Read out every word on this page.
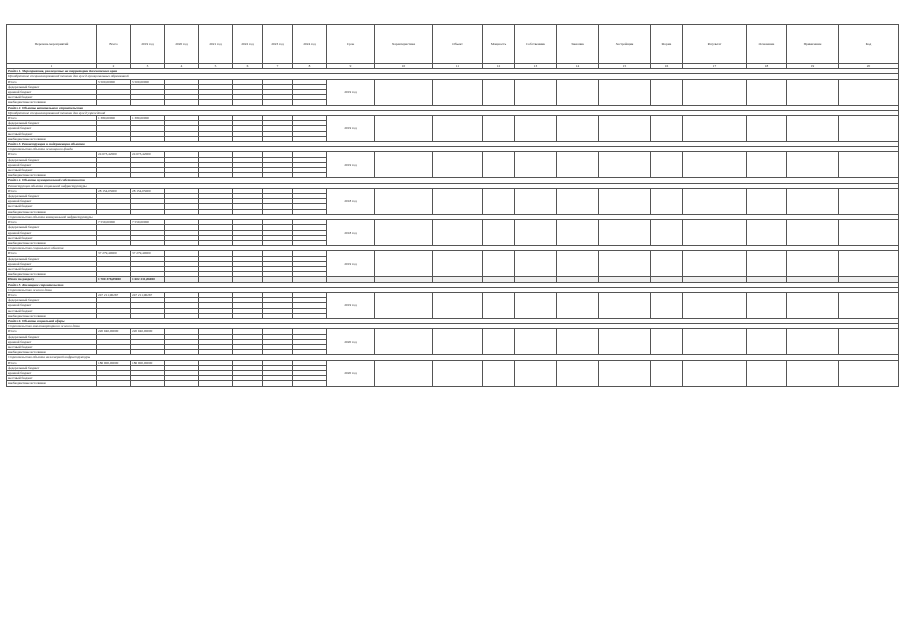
Перечень мероприятий	Всего	2019 год	2020 год	2021 год	2022 год	2023 год	2024 год	Срок	Характеристика	Объект	Мощность	Собственник	Заказчик	Застройщик	Форма	Результат	Основание	Примечание	Код
1	2	3	4	5	6	7	8	9	10	11	12	13	14	15	16	17	18	19	20
Раздел 1. Мероприятия, реализуемые на территории Камчатского края																			
Приобретение специализированной техники для нужд муниципальных образований																			
Итого	5 500,00000	5 500,00000						2019 год											
федеральный бюджет																			
краевой бюджет																			
местный бюджет																			
внебюджетные источники																			
Раздел 2. Объекты капитального строительства																			
Приобретение специализированной техники для нужд учреждений																			
Итого	1 380,00000	1 380,00000						2019 год											
федеральный бюджет																			
краевой бюджет																			
местный бюджет																			
внебюджетные источники																			
Раздел 3. Реконструкция и модернизация объектов																			
Строительство объекта жилищного фонда																			
Итого	24 673,42000	24 673,42000						2019 год											
федеральный бюджет																			
краевой бюджет																			
местный бюджет																			
внебюджетные источники																			
Раздел 4. Объекты муниципальной собственности																			
Реконструкция объекта социальной инфраструктуры																			
Итого	28 154,05000	28 154,05000						2018 год											
федеральный бюджет																			
краевой бюджет																			
местный бюджет																			
внебюджетные источники																			
Строительство объекта коммунальной инфраструктуры																			
Итого	7 559,00000	7 559,00000						2018 год											
федеральный бюджет																			
краевой бюджет																			
местный бюджет																			
внебюджетные источники																			
Строительство социального объекта																			
Итого	37 279,40000	37 279,40000						2019 год											
федеральный бюджет																			
краевой бюджет																			
местный бюджет																			
внебюджетные источники																			
Итого по разделу	1 700 378,89000	1 602 231,86000																	
Раздел 5. Жилищное строительство																			
Строительство жилого дома																			
Итого	247 211,96267	247 211,96267						2019 год											
федеральный бюджет																			
краевой бюджет																			
местный бюджет																			
внебюджетные источники																			
Раздел 6. Объекты социальной сферы																			
Строительство многоквартирного жилого дома																			
Итого	220 940,00000	220 940,00000						2020 год											
федеральный бюджет																			
краевой бюджет																			
местный бюджет																			
внебюджетные источники																			
Строительство объекта инженерной инфраструктуры																			
Итого	186 900,00000	186 900,00000						2020 год											
федеральный бюджет																			
краевой бюджет																			
местный бюджет																			
внебюджетные источники																			
